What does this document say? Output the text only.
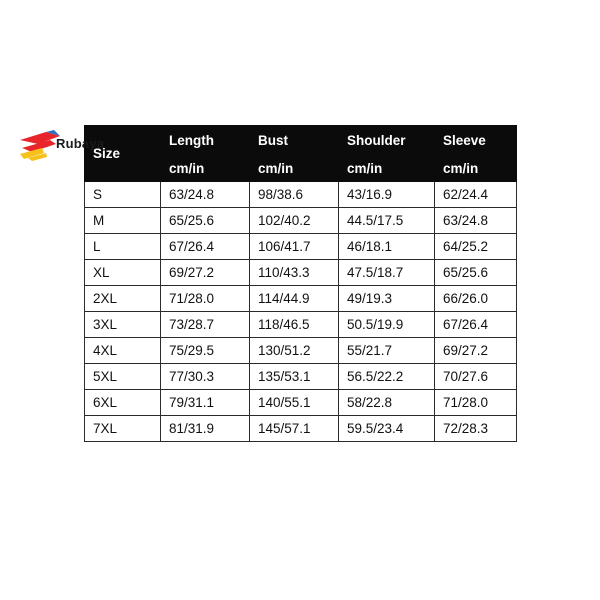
Rubaya
Size	Length	Bust	Shoulder	Sleeve
	cm/in	cm/in	cm/in	cm/in
S	63/24.8	98/38.6	43/16.9	62/24.4
M	65/25.6	102/40.2	44.5/17.5	63/24.8
L	67/26.4	106/41.7	46/18.1	64/25.2
XL	69/27.2	110/43.3	47.5/18.7	65/25.6
2XL	71/28.0	114/44.9	49/19.3	66/26.0
3XL	73/28.7	118/46.5	50.5/19.9	67/26.4
4XL	75/29.5	130/51.2	55/21.7	69/27.2
5XL	77/30.3	135/53.1	56.5/22.2	70/27.6
6XL	79/31.1	140/55.1	58/22.8	71/28.0
7XL	81/31.9	145/57.1	59.5/23.4	72/28.3
